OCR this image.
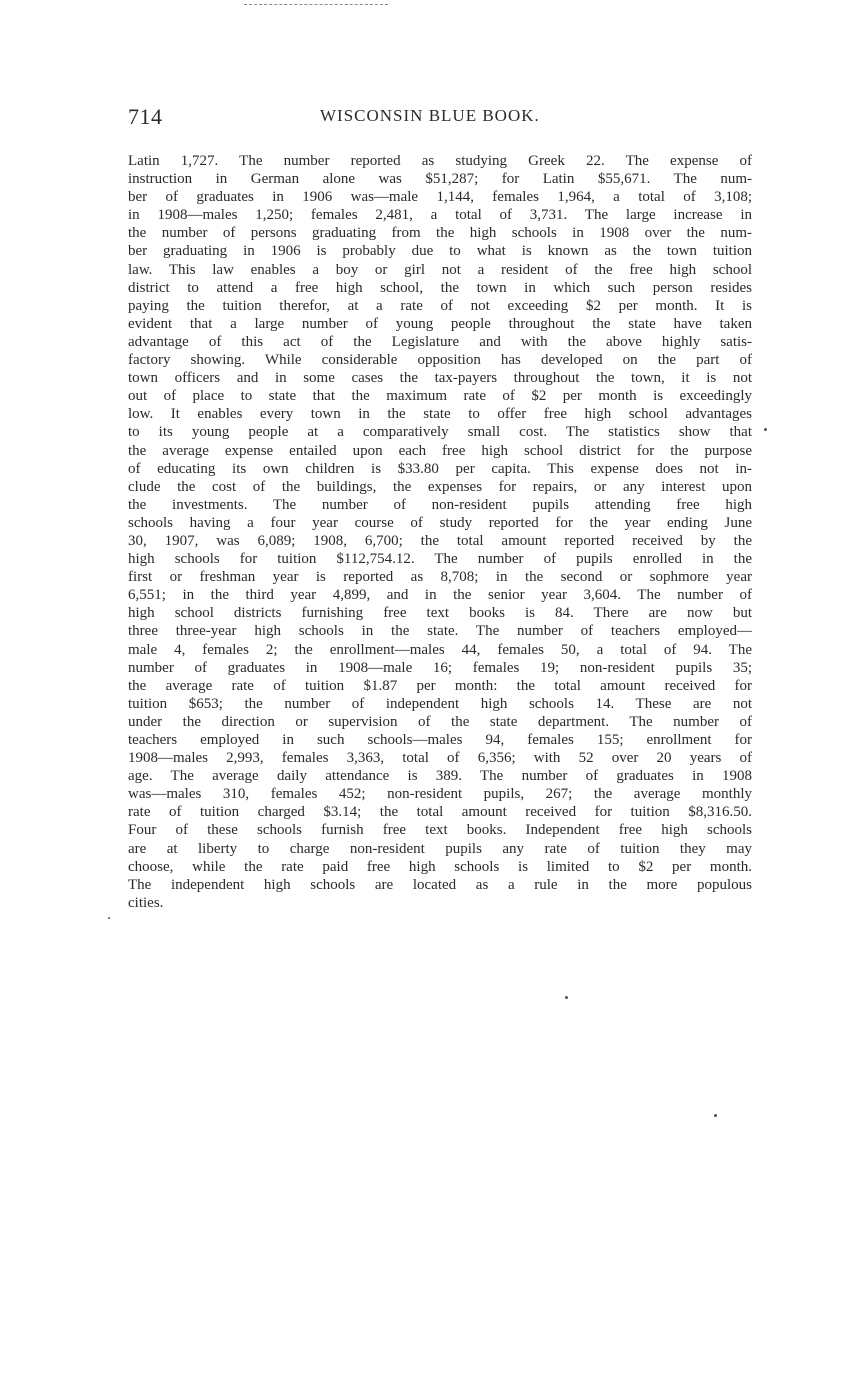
714	WISCONSIN BLUE BOOK.
Latin 1,727. The number reported as studying Greek 22. The expense of
instruction in German alone was $51,287; for Latin $55,671. The num-
ber of graduates in 1906 was—male 1,144, females 1,964, a total of 3,108;
in 1908—males 1,250; females 2,481, a total of 3,731. The large increase in
the number of persons graduating from the high schools in 1908 over the num-
ber graduating in 1906 is probably due to what is known as the town tuition
law. This law enables a boy or girl not a resident of the free high school
district to attend a free high school, the town in which such person resides
paying the tuition therefor, at a rate of not exceeding $2 per month. It is
evident that a large number of young people throughout the state have taken
advantage of this act of the Legislature and with the above highly satis-
factory showing. While considerable opposition has developed on the part of
town officers and in some cases the tax-payers throughout the town, it is not
out of place to state that the maximum rate of $2 per month is exceedingly
low. It enables every town in the state to offer free high school advantages
to its young people at a comparatively small cost. The statistics show that
the average expense entailed upon each free high school district for the purpose
of educating its own children is $33.80 per capita. This expense does not in-
clude the cost of the buildings, the expenses for repairs, or any interest upon
the investments. The number of non-resident pupils attending free high
schools having a four year course of study reported for the year ending June
30, 1907, was 6,089; 1908, 6,700; the total amount reported received by the
high schools for tuition $112,754.12. The number of pupils enrolled in the
first or freshman year is reported as 8,708; in the second or sophmore year
6,551; in the third year 4,899, and in the senior year 3,604. The number of
high school districts furnishing free text books is 84. There are now but
three three-year high schools in the state. The number of teachers employed—
male 4, females 2; the enrollment—males 44, females 50, a total of 94. The
number of graduates in 1908—male 16; females 19; non-resident pupils 35;
the average rate of tuition $1.87 per month: the total amount received for
tuition $653; the number of independent high schools 14. These are not
under the direction or supervision of the state department. The number of
teachers employed in such schools—males 94, females 155; enrollment for
1908—males 2,993, females 3,363, total of 6,356; with 52 over 20 years of
age. The average daily attendance is 389. The number of graduates in 1908
was—males 310, females 452; non-resident pupils, 267; the average monthly
rate of tuition charged $3.14; the total amount received for tuition $8,316.50.
Four of these schools furnish free text books. Independent free high schools
are at liberty to charge non-resident pupils any rate of tuition they may
choose, while the rate paid free high schools is limited to $2 per month.
The independent high schools are located as a rule in the more populous
cities.
